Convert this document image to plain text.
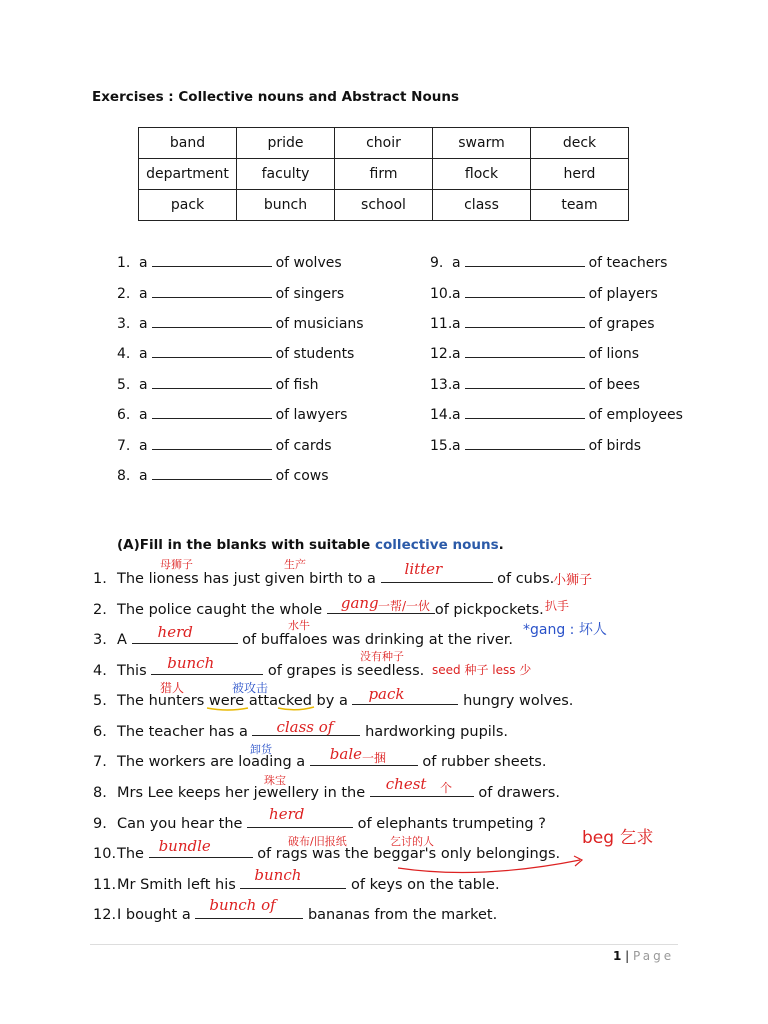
Exercises : Collective nouns and Abstract Nouns
band	pride	choir	swarm	deck
department	faculty	firm	flock	herd
pack	bunch	school	class	team
1. a	of wolves
2. a	of singers
3. a	of musicians
4. a	of students
5. a	of fish
6. a	of lawyers
7. a	of cards
8. a	of cows
9. a	of teachers
10.a	of players
11.a	of grapes
12.a	of lions
13.a	of bees
14.a	of employees
15.a	of birds
(A)Fill in the blanks with suitable collective nouns.
1. The lioness has just given birth to a
litter
of cubs.
2. The police caught the whole gang	of pickpockets.
3. A herd	of buffaloes was drinking at the river.
4. This bunch	of grapes is seedless.
5. The hunters were attacked by a pack	hungry wolves.
6. The teacher has a class of hardworking pupils.
7. The workers are loading a bale	of rubber sheets.
8. Mrs Lee keeps her jewellery in the chest	of drawers.
9. Can you hear the
herd
of elephants trumpeting ?
10.The bundle	of rags was the beggar's only belongings.
11.Mr Smith left his
bunch
of keys on the table.
12.I bought a
bunch of
bananas from the market.
母狮子	生产
小狮子
一帮/一伙	扒手
水牛	*gang : 坏人
没有种子
seed 种子 less 少
猎人	被攻击
卸货
一捆
珠宝
个
破布/旧报纸	乞讨的人	beg 乞求
1 | Page
